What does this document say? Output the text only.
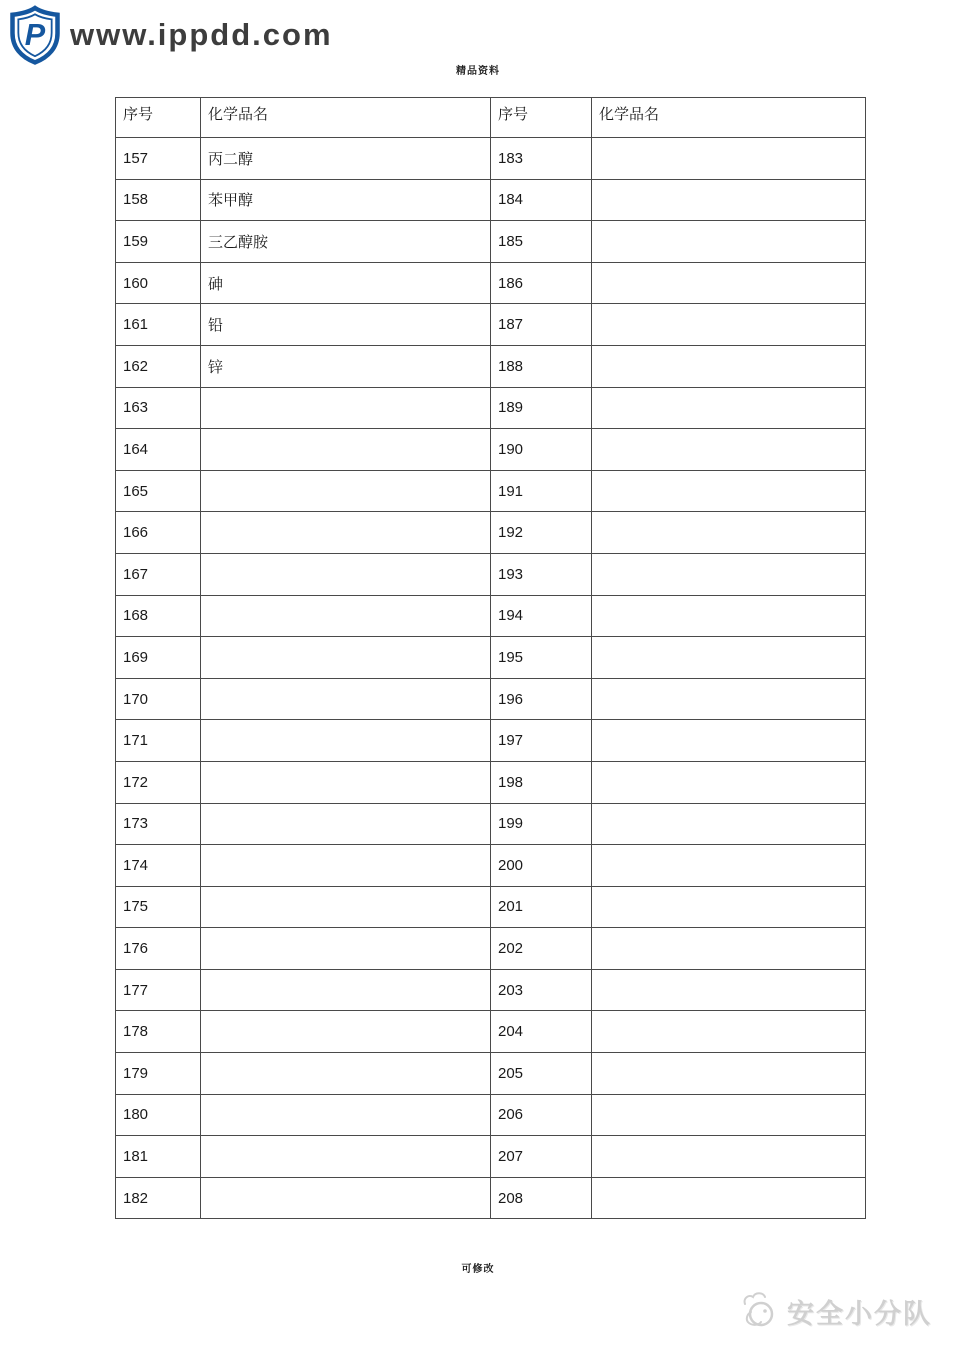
P www.ippdd.com
精品资料
序号	化学品名	序号	化学品名
157	丙二醇	183	
158	苯甲醇	184	
159	三乙醇胺	185	
160	砷	186	
161	铅	187	
162	锌	188	
163		189	
164		190	
165		191	
166		192	
167		193	
168		194	
169		195	
170		196	
171		197	
172		198	
173		199	
174		200	
175		201	
176		202	
177		203	
178		204	
179		205	
180		206	
181		207	
182		208	
可修改
安全小分队
